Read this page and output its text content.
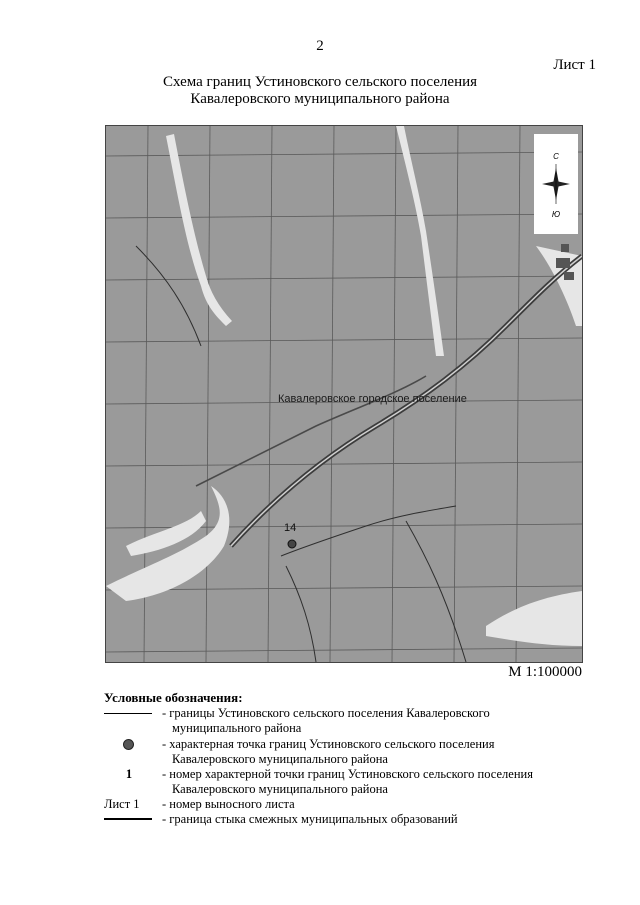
2
Лист 1
Схема границ Устиновского сельского поселения
Кавалеровского муниципального района
С
Ю
Кавалеровское городское поселение
14
М 1:100000
Условные обозначения:
- границы Устиновского сельского поселения Кавалеровского
муниципального района
- характерная точка границ Устиновского сельского поселения
Кавалеровского муниципального района
1	- номер характерной точки границ Устиновского сельского поселения
Кавалеровского муниципального района
Лист 1	- номер выносного листа
- граница стыка смежных муниципальных образований
